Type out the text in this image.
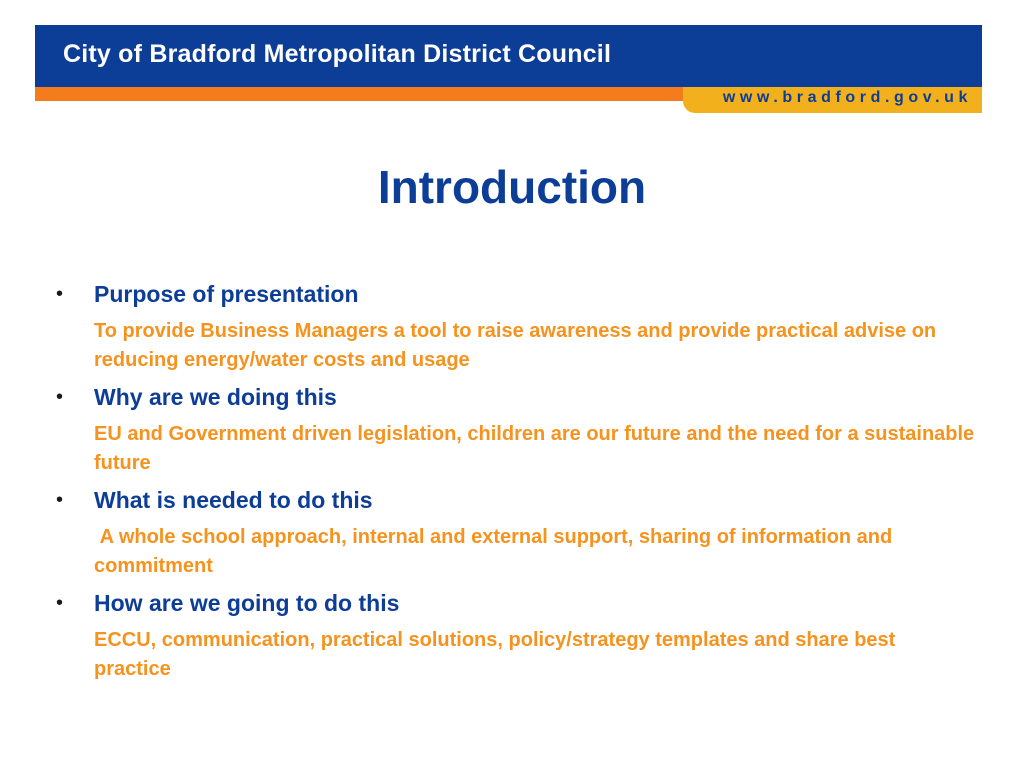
City of Bradford Metropolitan District Council
www.bradford.gov.uk
Introduction
• Purpose of presentation
To provide Business Managers a tool to raise awareness and provide practical advise on reducing energy/water costs and usage
• Why are we doing this
EU and Government driven legislation, children are our future and the need for a sustainable future
• What is needed to do this
A whole school approach, internal and external support, sharing of information and commitment
• How are we going to do this
ECCU, communication, practical solutions, policy/strategy templates and share best practice
